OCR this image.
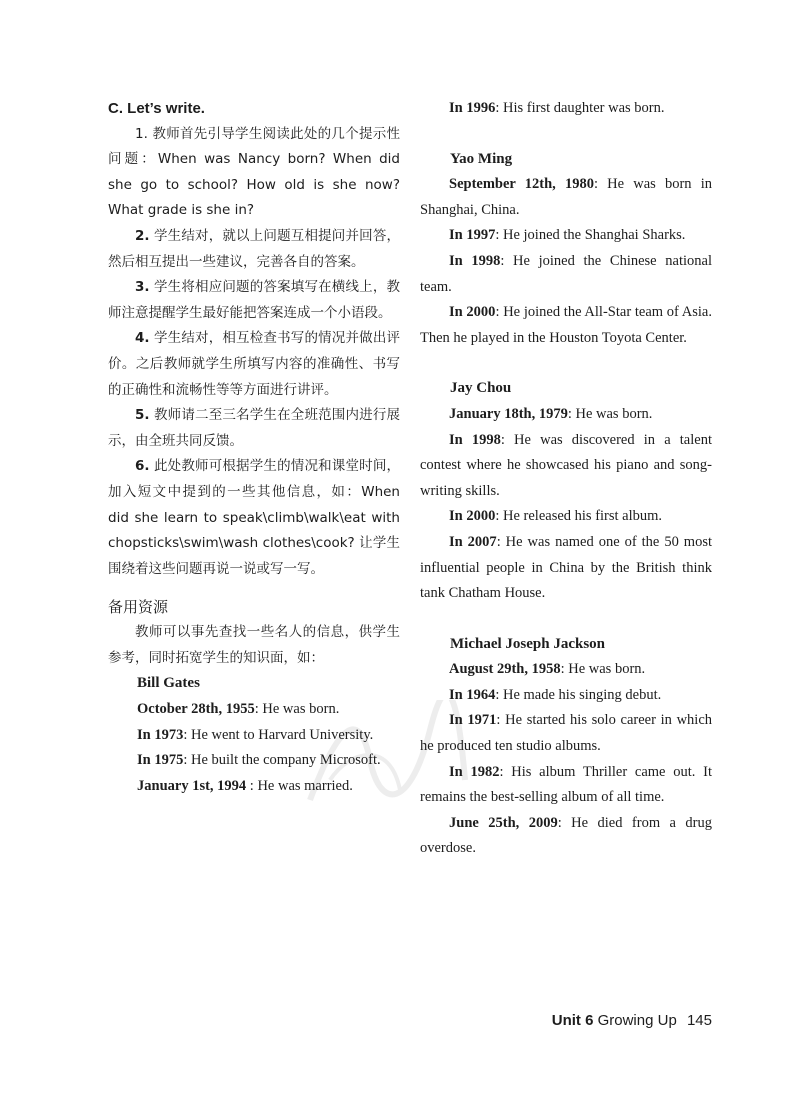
C. Let’s write.

1. 教师首先引导学生阅读此处的几个提示性问题：When was Nancy born? When did she go to school? How old is she now? What grade is she in?

2. 学生结对，就以上问题互相提问并回答，然后相互提出一些建议，完善各自的答案。

3. 学生将相应问题的答案填写在横线上，教师注意提醒学生最好能把答案连成一个小语段。

4. 学生结对，相互检查书写的情况并做出评价。之后教师就学生所填写内容的准确性、书写的正确性和流畅性等等方面进行讲评。

5. 教师请二至三名学生在全班范围内进行展示，由全班共同反馈。

6. 此处教师可根据学生的情况和课堂时间，加入短文中提到的一些其他信息，如：When did she learn to speak\climb\walk\eat with chopsticks\swim\wash clothes\cook? 让学生围绕着这些问题再说一说或写一写。

备用资源

教师可以事先查找一些名人的信息，供学生参考，同时拓宽学生的知识面，如：

Bill Gates

October 28th, 1955: He was born.

In 1973: He went to Harvard University.

In 1975: He built the company Microsoft.

January 1st, 1994 : He was married.

In 1996: His first daughter was born.

Yao Ming

September 12th, 1980: He was born in Shanghai, China.

In 1997: He joined the Shanghai Sharks.

In 1998: He joined the Chinese national team.

In 2000: He joined the All-Star team of Asia. Then he played in the Houston Toyota Center.

Jay Chou

January 18th, 1979: He was born.

In 1998: He was discovered in a talent contest where he showcased his piano and song-writing skills.

In 2000: He released his first album.

In 2007: He was named one of the 50 most influential people in China by the British think tank Chatham House.

Michael Joseph Jackson

August 29th, 1958: He was born.

In 1964: He made his singing debut.

In 1971: He started his solo career in which he produced ten studio albums.

In 1982: His album Thriller came out. It remains the best-selling album of all time.

June 25th, 2009: He died from a drug overdose.

Unit 6 Growing Up 145
